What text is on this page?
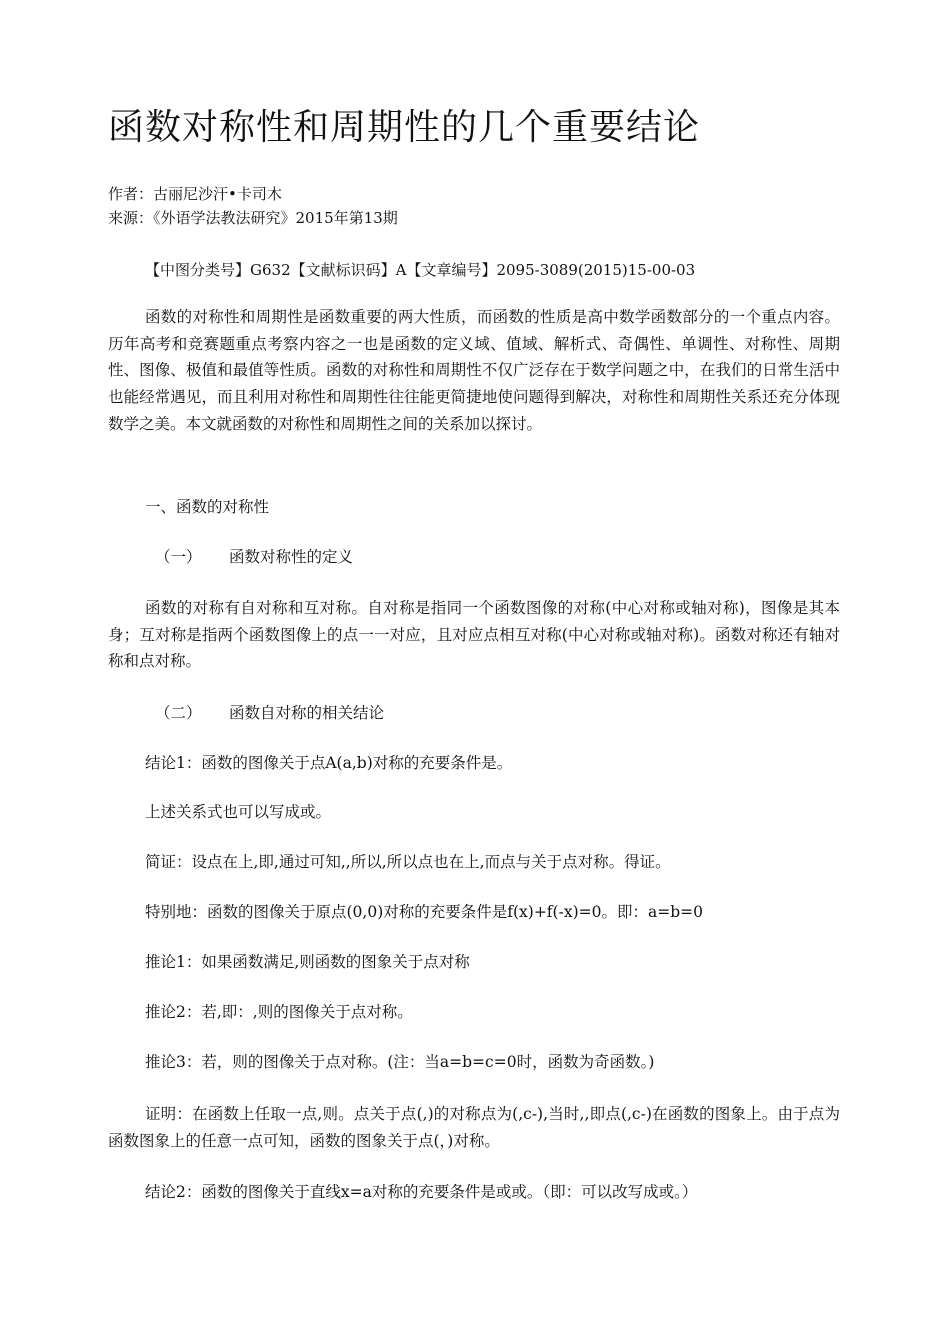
函数对称性和周期性的几个重要结论
作者：古丽尼沙汗•卡司木
来源：《外语学法教法研究》2015年第13期
【中图分类号】G632【文献标识码】A【文章编号】2095-3089(2015)15-00-03

函数的对称性和周期性是函数重要的两大性质，而函数的性质是高中数学函数部分的一个重点内容。历年高考和竞赛题重点考察内容之一也是函数的定义域、值域、解析式、奇偶性、单调性、对称性、周期性、图像、极值和最值等性质。函数的对称性和周期性不仅广泛存在于数学问题之中，在我们的日常生活中也能经常遇见，而且利用对称性和周期性往往能更简捷地使问题得到解决，对称性和周期性关系还充分体现数学之美。本文就函数的对称性和周期性之间的关系加以探讨。

一、函数的对称性
（一） 函数对称性的定义

函数的对称有自对称和互对称。自对称是指同一个函数图像的对称(中心对称或轴对称)，图像是其本身；互对称是指两个函数图像上的点一一对应，且对应点相互对称(中心对称或轴对称)。函数对称还有轴对称和点对称。

（二） 函数自对称的相关结论
结论1：函数的图像关于点A(a,b)对称的充要条件是。
上述关系式也可以写成或。
简证：设点在上,即,通过可知,,所以,所以点也在上,而点与关于点对称。得证。
特别地：函数的图像关于原点(0,0)对称的充要条件是f(x)+f(-x)=0。即：a=b=0
推论1：如果函数满足,则函数的图象关于点对称
推论2：若,即：,则的图像关于点对称。
推论3：若，则的图像关于点对称。(注：当a=b=c=0时，函数为奇函数。)

证明：在函数上任取一点,则。点关于点(,)的对称点为(,c-),当时,,即点(,c-)在函数的图象上。由于点为函数图象上的任意一点可知，函数的图象关于点(，)对称。

结论2：函数的图像关于直线x=a对称的充要条件是或或。（即：可以改写成或。）
